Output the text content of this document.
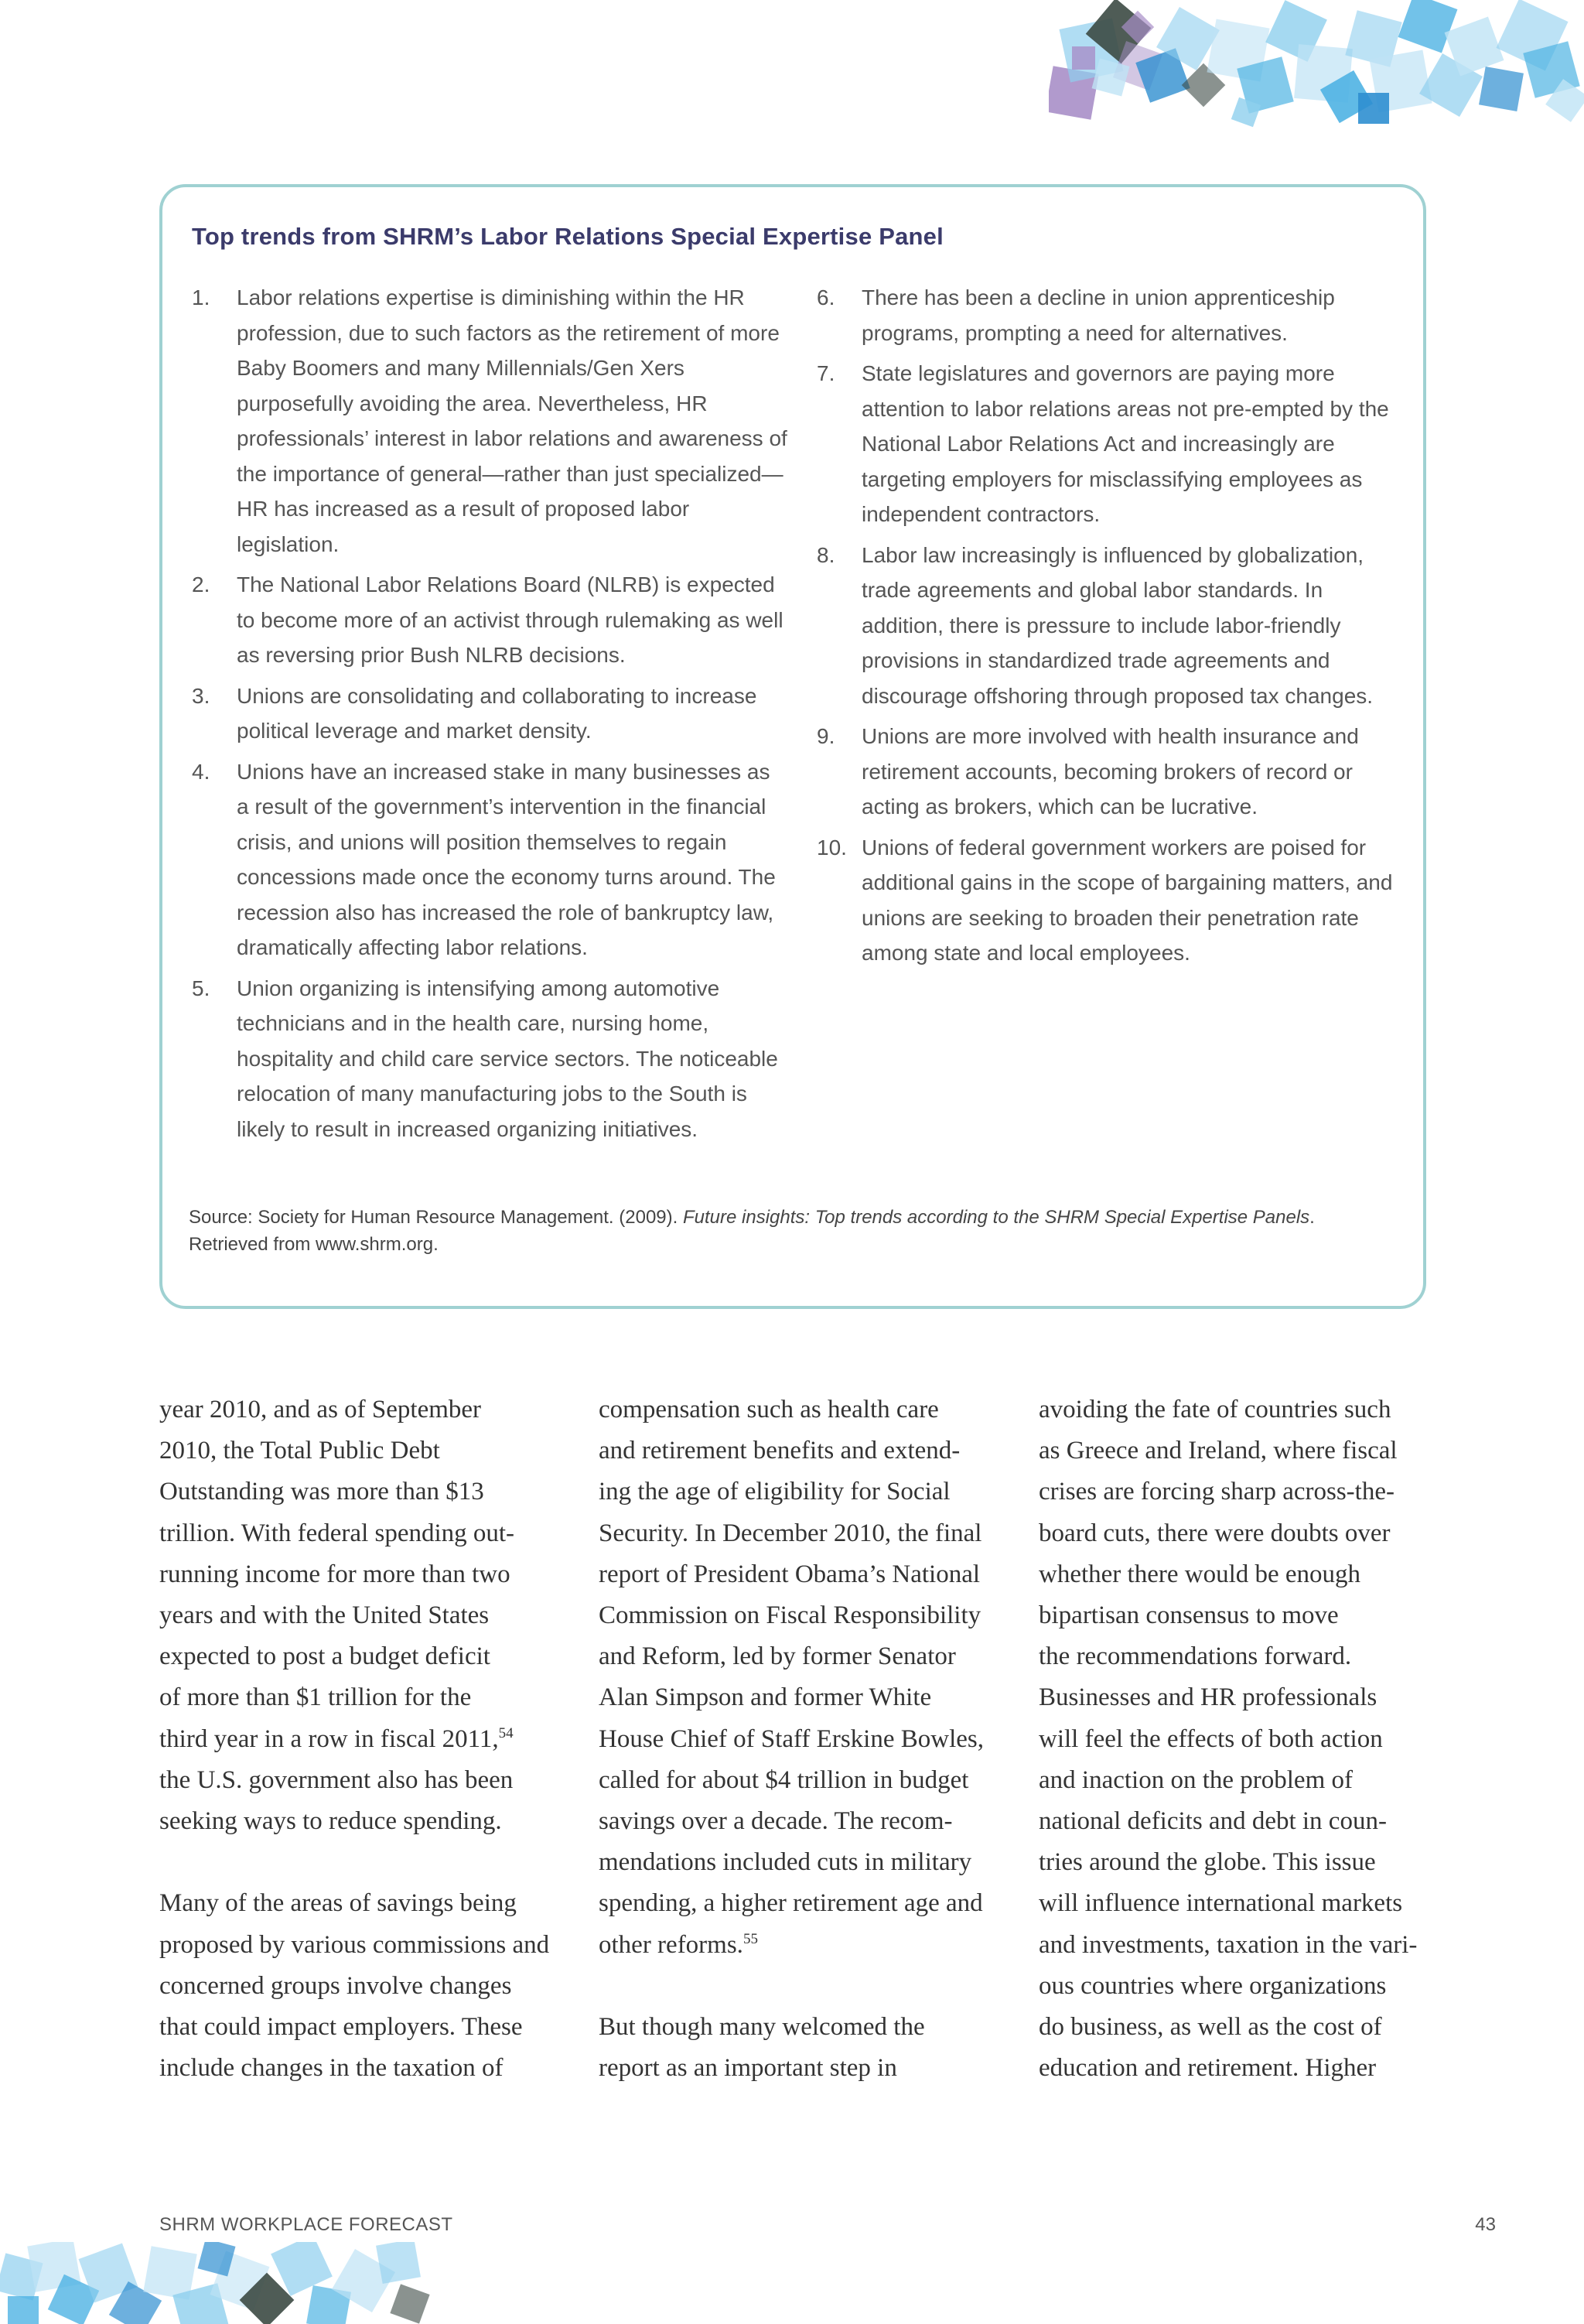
Top trends from SHRM’s Labor Relations Special Expertise Panel
1. Labor relations expertise is diminishing within the HR profession, due to such factors as the retirement of more Baby Boomers and many Millennials/Gen Xers purposefully avoiding the area. Nevertheless, HR professionals’ interest in labor relations and awareness of the importance of general—rather than just specialized—HR has increased as a result of proposed labor legislation.
2. The National Labor Relations Board (NLRB) is expected to become more of an activist through rulemaking as well as reversing prior Bush NLRB decisions.
3. Unions are consolidating and collaborating to increase political leverage and market density.
4. Unions have an increased stake in many businesses as a result of the government’s intervention in the financial crisis, and unions will position themselves to regain concessions made once the economy turns around. The recession also has increased the role of bankruptcy law, dramatically affecting labor relations.
5. Union organizing is intensifying among automotive technicians and in the health care, nursing home, hospitality and child care service sectors. The noticeable relocation of many manufacturing jobs to the South is likely to result in increased organizing initiatives.
6. There has been a decline in union apprenticeship programs, prompting a need for alternatives.
7. State legislatures and governors are paying more attention to labor relations areas not pre-empted by the National Labor Relations Act and increasingly are targeting employers for misclassifying employees as independent contractors.
8. Labor law increasingly is influenced by globalization, trade agreements and global labor standards. In addition, there is pressure to include labor-friendly provisions in standardized trade agreements and discourage offshoring through proposed tax changes.
9. Unions are more involved with health insurance and retirement accounts, becoming brokers of record or acting as brokers, which can be lucrative.
10. Unions of federal government workers are poised for additional gains in the scope of bargaining matters, and unions are seeking to broaden their penetration rate among state and local employees.
Source: Society for Human Resource Management. (2009). Future insights: Top trends according to the SHRM Special Expertise Panels. Retrieved from www.shrm.org.

year 2010, and as of September
2010, the Total Public Debt
Outstanding was more than $13
trillion. With federal spending out-
running income for more than two
years and with the United States
expected to post a budget deficit
of more than $1 trillion for the
third year in a row in fiscal 2011,54
the U.S. government also has been
seeking ways to reduce spending.

Many of the areas of savings being
proposed by various commissions and
concerned groups involve changes
that could impact employers. These
include changes in the taxation of

compensation such as health care
and retirement benefits and extend-
ing the age of eligibility for Social
Security. In December 2010, the final
report of President Obama’s National
Commission on Fiscal Responsibility
and Reform, led by former Senator
Alan Simpson and former White
House Chief of Staff Erskine Bowles,
called for about $4 trillion in budget
savings over a decade. The recom-
mendations included cuts in military
spending, a higher retirement age and
other reforms.$^{55}$

But though many welcomed the
report as an important step in

avoiding the fate of countries such
as Greece and Ireland, where fiscal
crises are forcing sharp across-the-
board cuts, there were doubts over
whether there would be enough
bipartisan consensus to move
the recommendations forward.
Businesses and HR professionals
will feel the effects of both action
and inaction on the problem of
national deficits and debt in coun-
tries around the globe. This issue
will influence international markets
and investments, taxation in the vari-
ous countries where organizations
do business, as well as the cost of
education and retirement. Higher

SHRM WORKPLACE FORECAST	43
